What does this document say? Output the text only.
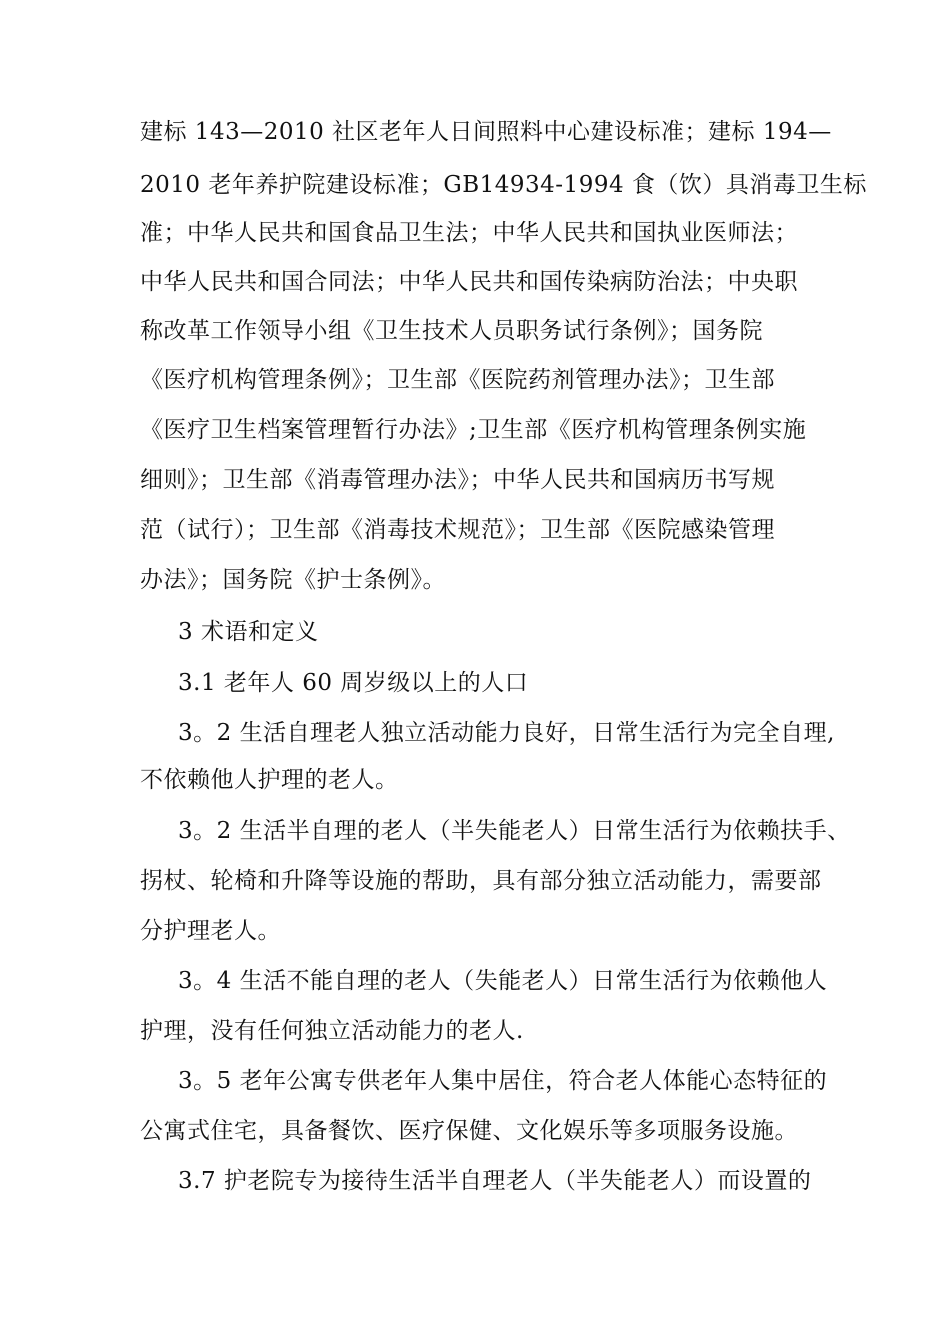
建标 143—2010 社区老年人日间照料中心建设标准；建标 194—
2010 老年养护院建设标准；GB14934-1994 食（饮）具消毒卫生标
准；中华人民共和国食品卫生法；中华人民共和国执业医师法；
中华人民共和国合同法；中华人民共和国传染病防治法；中央职
称改革工作领导小组《卫生技术人员职务试行条例》；国务院
《医疗机构管理条例》；卫生部《医院药剂管理办法》；卫生部
《医疗卫生档案管理暂行办法》;卫生部《医疗机构管理条例实施
细则》；卫生部《消毒管理办法》；中华人民共和国病历书写规
范（试行）；卫生部《消毒技术规范》；卫生部《医院感染管理
办法》；国务院《护士条例》。
3 术语和定义
3.1 老年人 60 周岁级以上的人口
3。2 生活自理老人独立活动能力良好，日常生活行为完全自理,
不依赖他人护理的老人。
3。2 生活半自理的老人（半失能老人）日常生活行为依赖扶手、
拐杖、轮椅和升降等设施的帮助，具有部分独立活动能力，需要部
分护理老人。
3。4 生活不能自理的老人（失能老人）日常生活行为依赖他人
护理，没有任何独立活动能力的老人.
3。5 老年公寓专供老年人集中居住，符合老人体能心态特征的
公寓式住宅，具备餐饮、医疗保健、文化娱乐等多项服务设施。
3.7 护老院专为接待生活半自理老人（半失能老人）而设置的
